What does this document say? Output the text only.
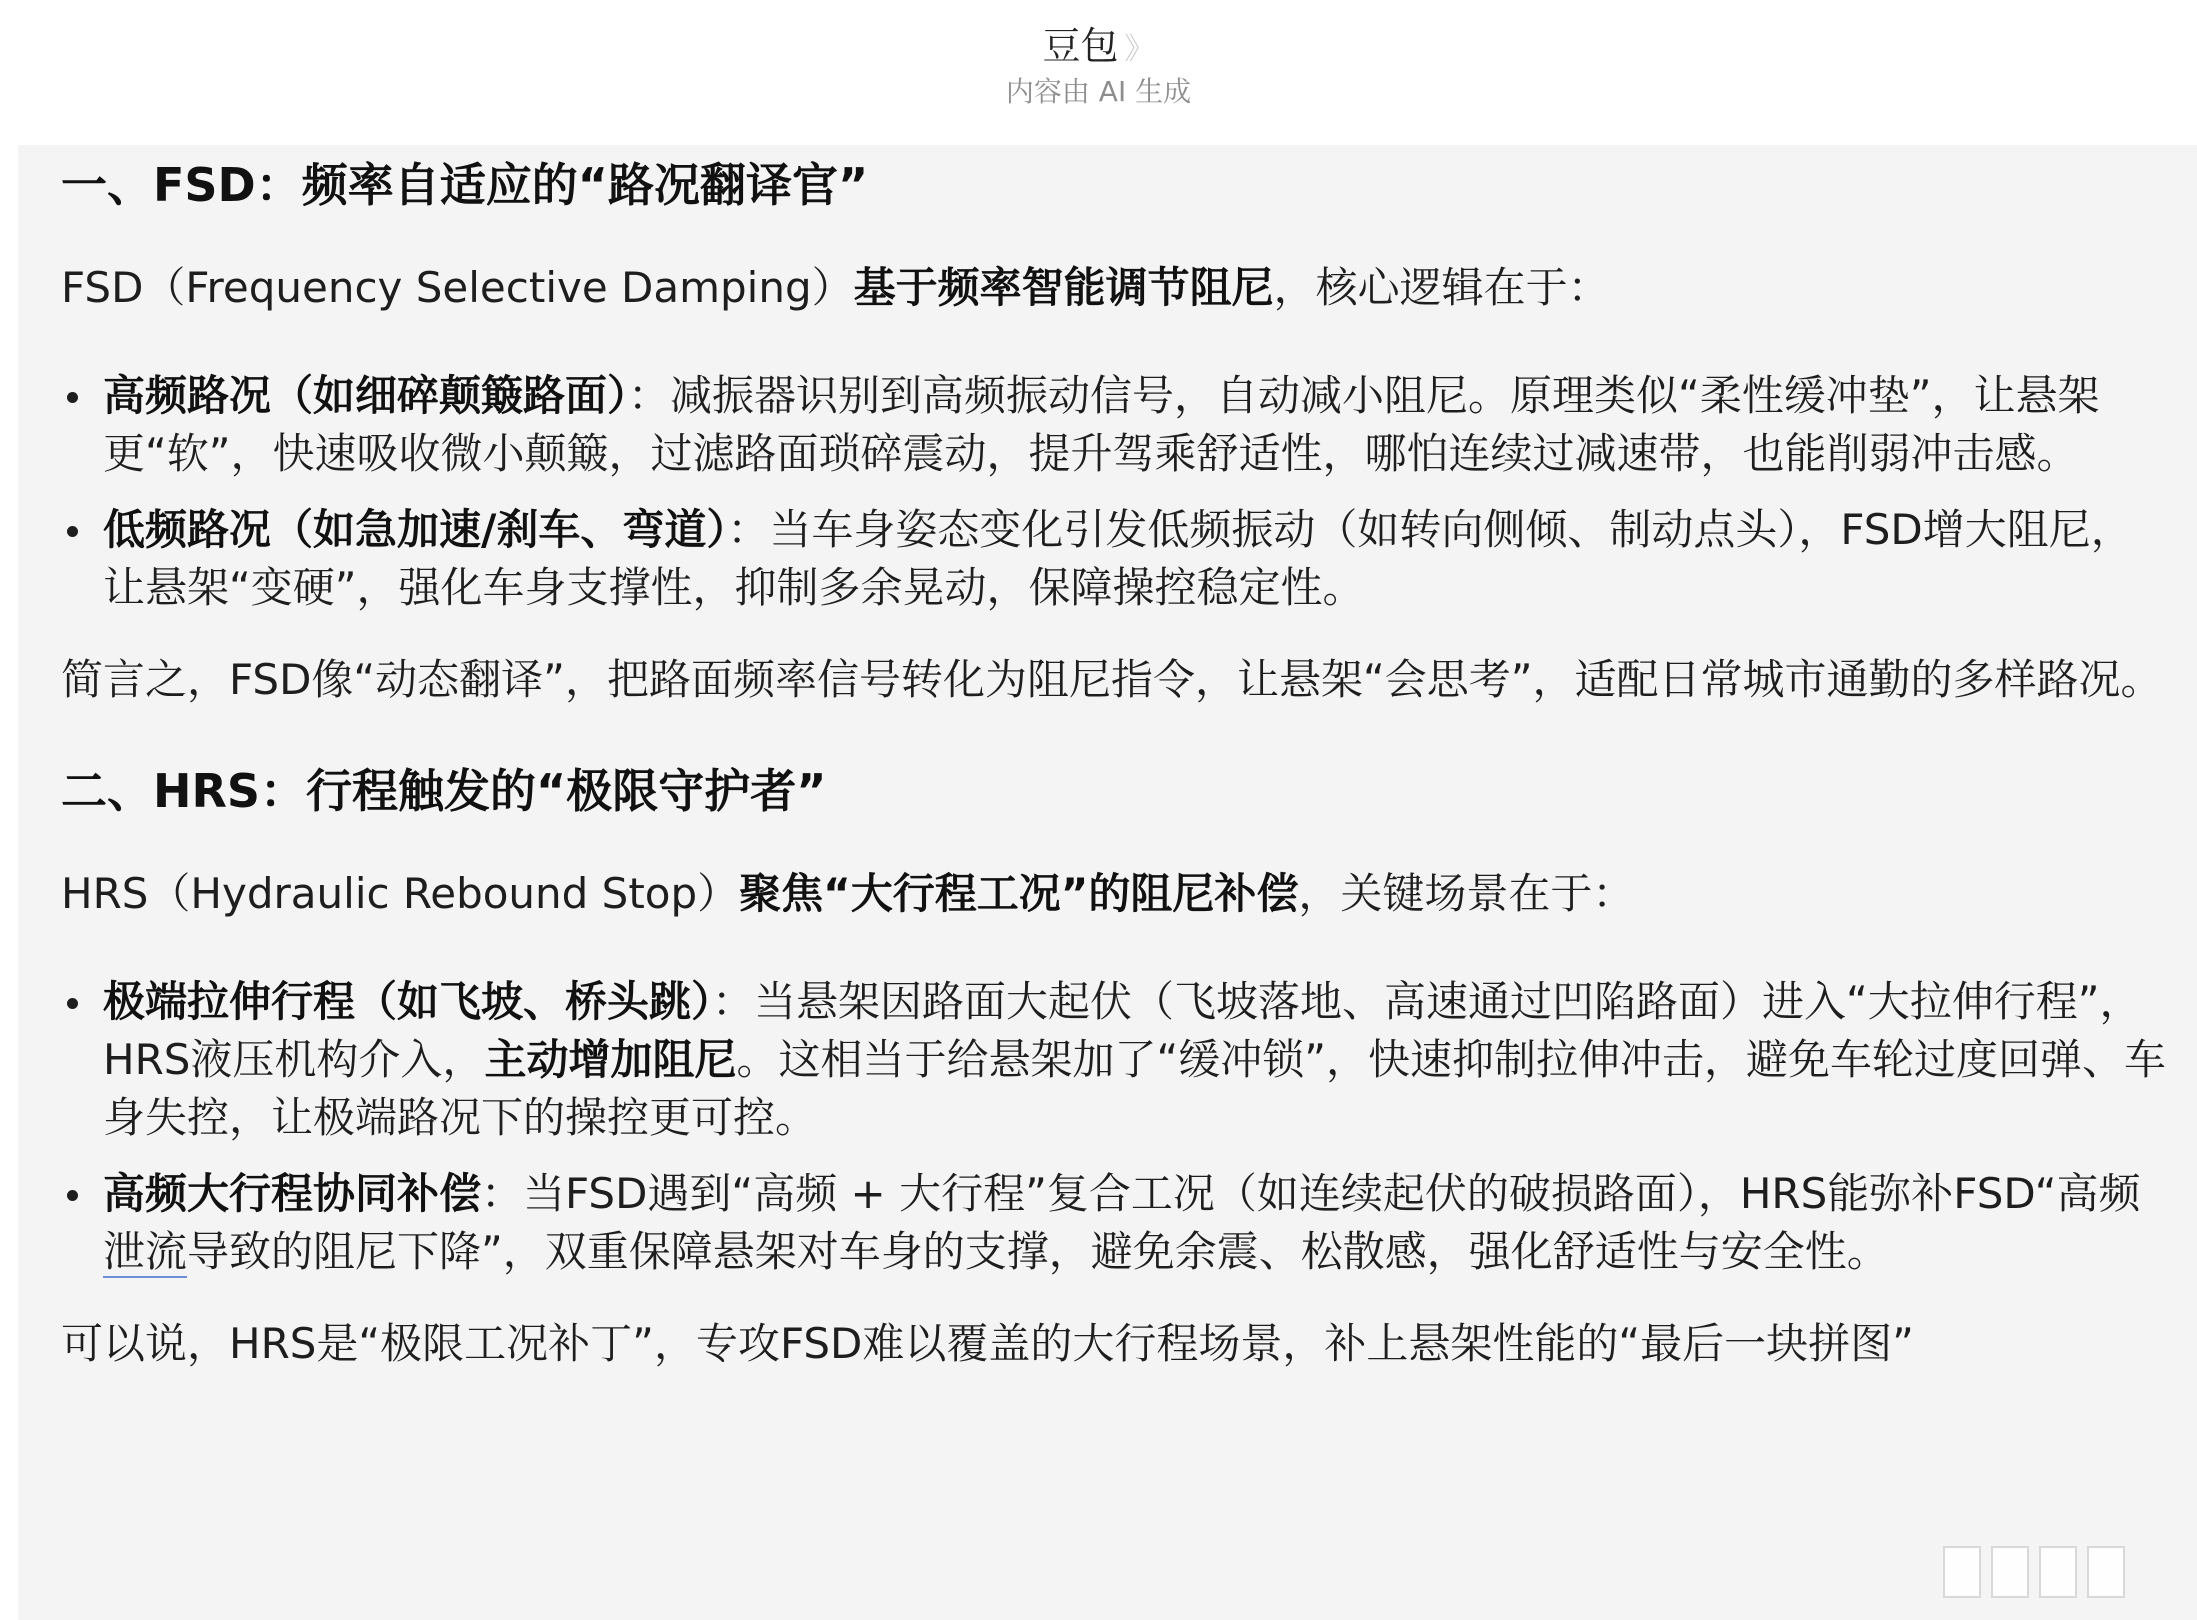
豆包 》
内容由 AI 生成
一、FSD：频率自适应的“路况翻译官”

FSD（Frequency Selective Damping）基于频率智能调节阻尼，核心逻辑在于：

高频路况（如细碎颠簸路面）：减振器识别到高频振动信号，自动减小阻尼。原理类似“柔性缓冲垫”，让悬架更“软”，快速吸收微小颠簸，过滤路面琐碎震动，提升驾乘舒适性，哪怕连续过减速带，也能削弱冲击感。
低频路况（如急加速/刹车、弯道）：当车身姿态变化引发低频振动（如转向侧倾、制动点头），FSD增大阻尼，让悬架“变硬”，强化车身支撑性，抑制多余晃动，保障操控稳定性。

简言之，FSD像“动态翻译”，把路面频率信号转化为阻尼指令，让悬架“会思考”，适配日常城市通勤的多样路况。

二、HRS：行程触发的“极限守护者”

HRS（Hydraulic Rebound Stop）聚焦“大行程工况”的阻尼补偿，关键场景在于：

极端拉伸行程（如飞坡、桥头跳）：当悬架因路面大起伏（飞坡落地、高速通过凹陷路面）进入“大拉伸行程”，HRS液压机构介入，主动增加阻尼。这相当于给悬架加了“缓冲锁”，快速抑制拉伸冲击，避免车轮过度回弹、车身失控，让极端路况下的操控更可控。
高频大行程协同补偿：当FSD遇到“高频 + 大行程”复合工况（如连续起伏的破损路面），HRS能弥补FSD“高频泄流导致的阻尼下降”，双重保障悬架对车身的支撑，避免余震、松散感，强化舒适性与安全性。

可以说，HRS是“极限工况补丁”，专攻FSD难以覆盖的大行程场景，补上悬架性能的“最后一块拼图”
